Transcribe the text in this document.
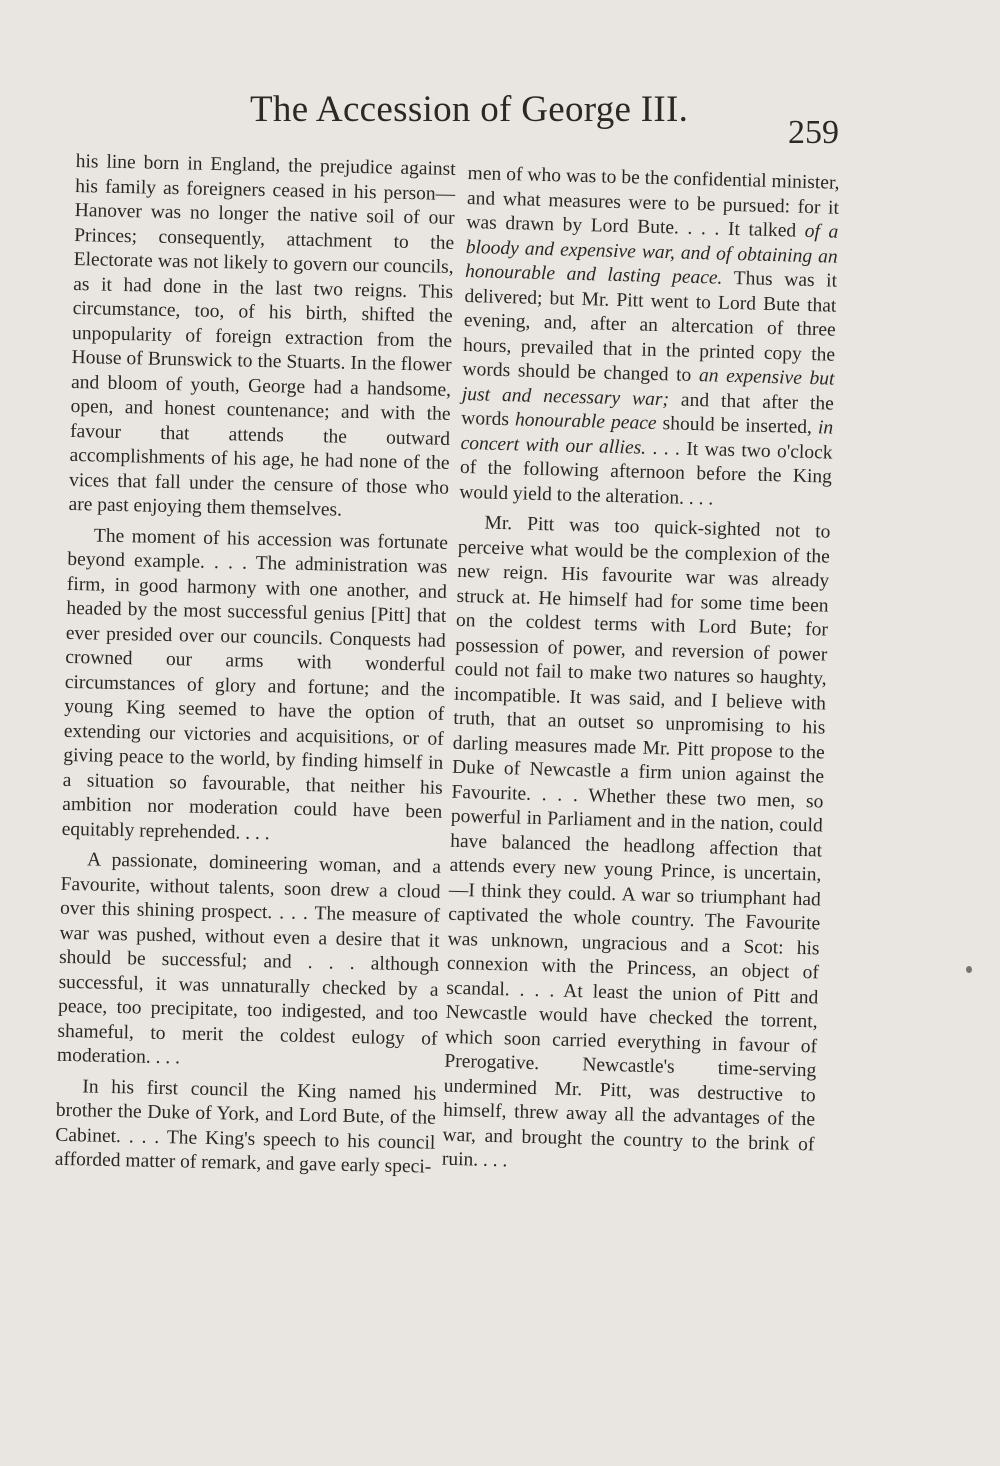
The Accession of George III.
259

his line born in England, the prejudice against his family as foreigners ceased in his person—Hanover was no longer the native soil of our Princes; consequently, attachment to the Electorate was not likely to govern our councils, as it had done in the last two reigns. This circumstance, too, of his birth, shifted the unpopularity of foreign extraction from the House of Brunswick to the Stuarts. In the flower and bloom of youth, George had a handsome, open, and honest countenance; and with the favour that attends the outward accomplishments of his age, he had none of the vices that fall under the censure of those who are past enjoying them themselves.

The moment of his accession was fortunate beyond example. . . . The administration was firm, in good harmony with one another, and headed by the most successful genius [Pitt] that ever presided over our councils. Conquests had crowned our arms with wonderful circumstances of glory and fortune; and the young King seemed to have the option of extending our victories and acquisitions, or of giving peace to the world, by finding himself in a situation so favourable, that neither his ambition nor moderation could have been equitably reprehended. . . .

A passionate, domineering woman, and a Favourite, without talents, soon drew a cloud over this shining prospect. . . . The measure of war was pushed, without even a desire that it should be successful; and . . . although successful, it was unnaturally checked by a peace, too precipitate, too indigested, and too shameful, to merit the coldest eulogy of moderation. . . .

In his first council the King named his brother the Duke of York, and Lord Bute, of the Cabinet. . . . The King's speech to his council afforded matter of remark, and gave early speci-

men of who was to be the confidential minister, and what measures were to be pursued: for it was drawn by Lord Bute. . . . It talked of a bloody and expensive war, and of obtaining an honourable and lasting peace. Thus was it delivered; but Mr. Pitt went to Lord Bute that evening, and, after an altercation of three hours, prevailed that in the printed copy the words should be changed to an expensive but just and necessary war; and that after the words honourable peace should be inserted, in concert with our allies. . . . It was two o'clock of the following afternoon before the King would yield to the alteration. . . .

Mr. Pitt was too quick-sighted not to perceive what would be the complexion of the new reign. His favourite war was already struck at. He himself had for some time been on the coldest terms with Lord Bute; for possession of power, and reversion of power could not fail to make two natures so haughty, incompatible. It was said, and I believe with truth, that an outset so unpromising to his darling measures made Mr. Pitt propose to the Duke of Newcastle a firm union against the Favourite. . . . Whether these two men, so powerful in Parliament and in the nation, could have balanced the headlong affection that attends every new young Prince, is uncertain,—I think they could. A war so triumphant had captivated the whole country. The Favourite was unknown, ungracious and a Scot: his connexion with the Princess, an object of scandal. . . . At least the union of Pitt and Newcastle would have checked the torrent, which soon carried everything in favour of Prerogative. Newcastle's time-serving undermined Mr. Pitt, was destructive to himself, threw away all the advantages of the war, and brought the country to the brink of ruin. . . .
